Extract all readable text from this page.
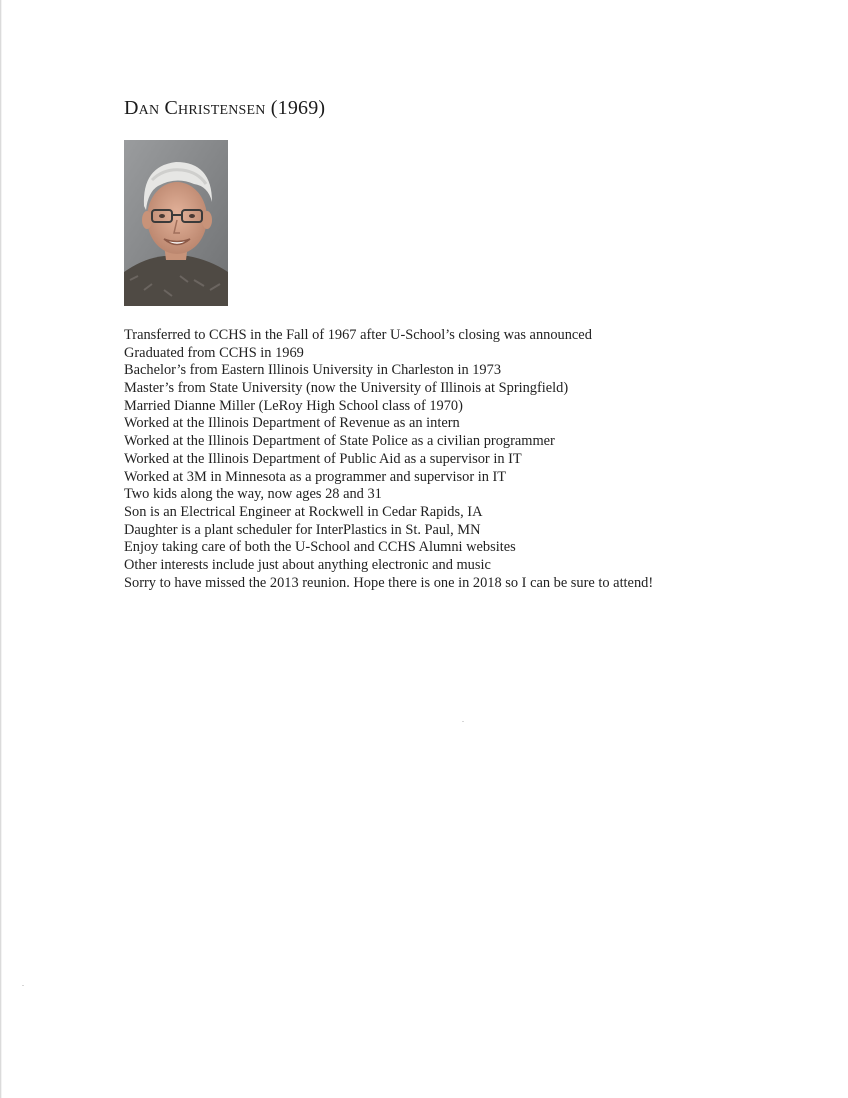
Dan Christensen (1969)
Transferred to CCHS in the Fall of 1967 after U-School’s closing was announced
Graduated from CCHS in 1969
Bachelor’s from Eastern Illinois University in Charleston in 1973
Master’s from State University (now the University of Illinois at Springfield)
Married Dianne Miller (LeRoy High School class of 1970)
Worked at the Illinois Department of Revenue as an intern
Worked at the Illinois Department of State Police as a civilian programmer
Worked at the Illinois Department of Public Aid as a supervisor in IT
Worked at 3M in Minnesota as a programmer and supervisor in IT
Two kids along the way, now ages 28 and 31
Son is an Electrical Engineer at Rockwell in Cedar Rapids, IA
Daughter is a plant scheduler for InterPlastics in St. Paul, MN
Enjoy taking care of both the U-School and CCHS Alumni websites
Other interests include just about anything electronic and music
Sorry to have missed the 2013 reunion. Hope there is one in 2018 so I can be sure to attend!
